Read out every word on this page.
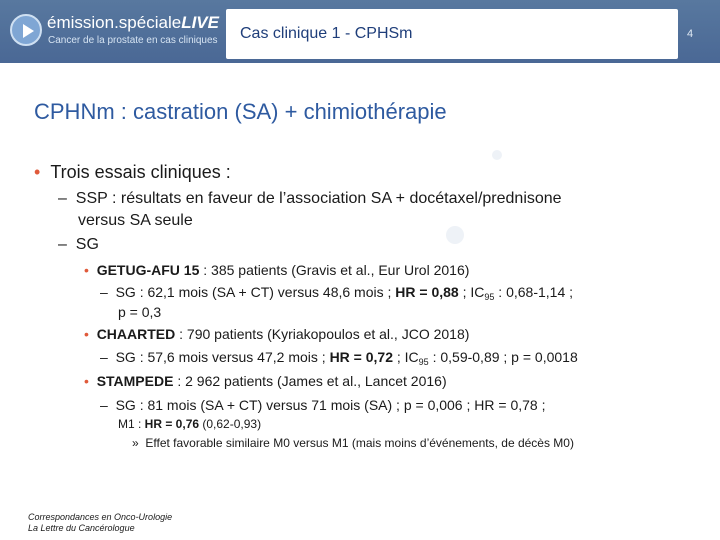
émission.spécialeLIVE
Cancer de la prostate en cas cliniques Cas clinique 1 - CPHSm	4
CPHNm : castration (SA) + chimiothérapie
• Trois essais cliniques :
– SSP : résultats en faveur de l’association SA + docétaxel/prednisone
versus SA seule
– SG
• GETUG-AFU 15 : 385 patients (Gravis et al., Eur Urol 2016)
– SG : 62,1 mois (SA + CT) versus 48,6 mois ; HR = 0,88 ; $IC_{95}$ : 0,68-1,14 ;
p = 0,3
• CHAARTED : 790 patients (Kyriakopoulos et al., JCO 2018)
– SG : 57,6 mois versus 47,2 mois ; HR = 0,72 ; $IC_{95}$ : 0,59-0,89 ; p = 0,0018
• STAMPEDE : 2 962 patients (James et al., Lancet 2016)
– SG : 81 mois (SA + CT) versus 71 mois (SA) ; p = 0,006 ; HR = 0,78 ;
M1 : HR = 0,76 (0,62-0,93)
» Effet favorable similaire M0 versus M1 (mais moins d’événements, de décès M0)
Correspondances en Onco-Urologie
La Lettre du Cancérologue
